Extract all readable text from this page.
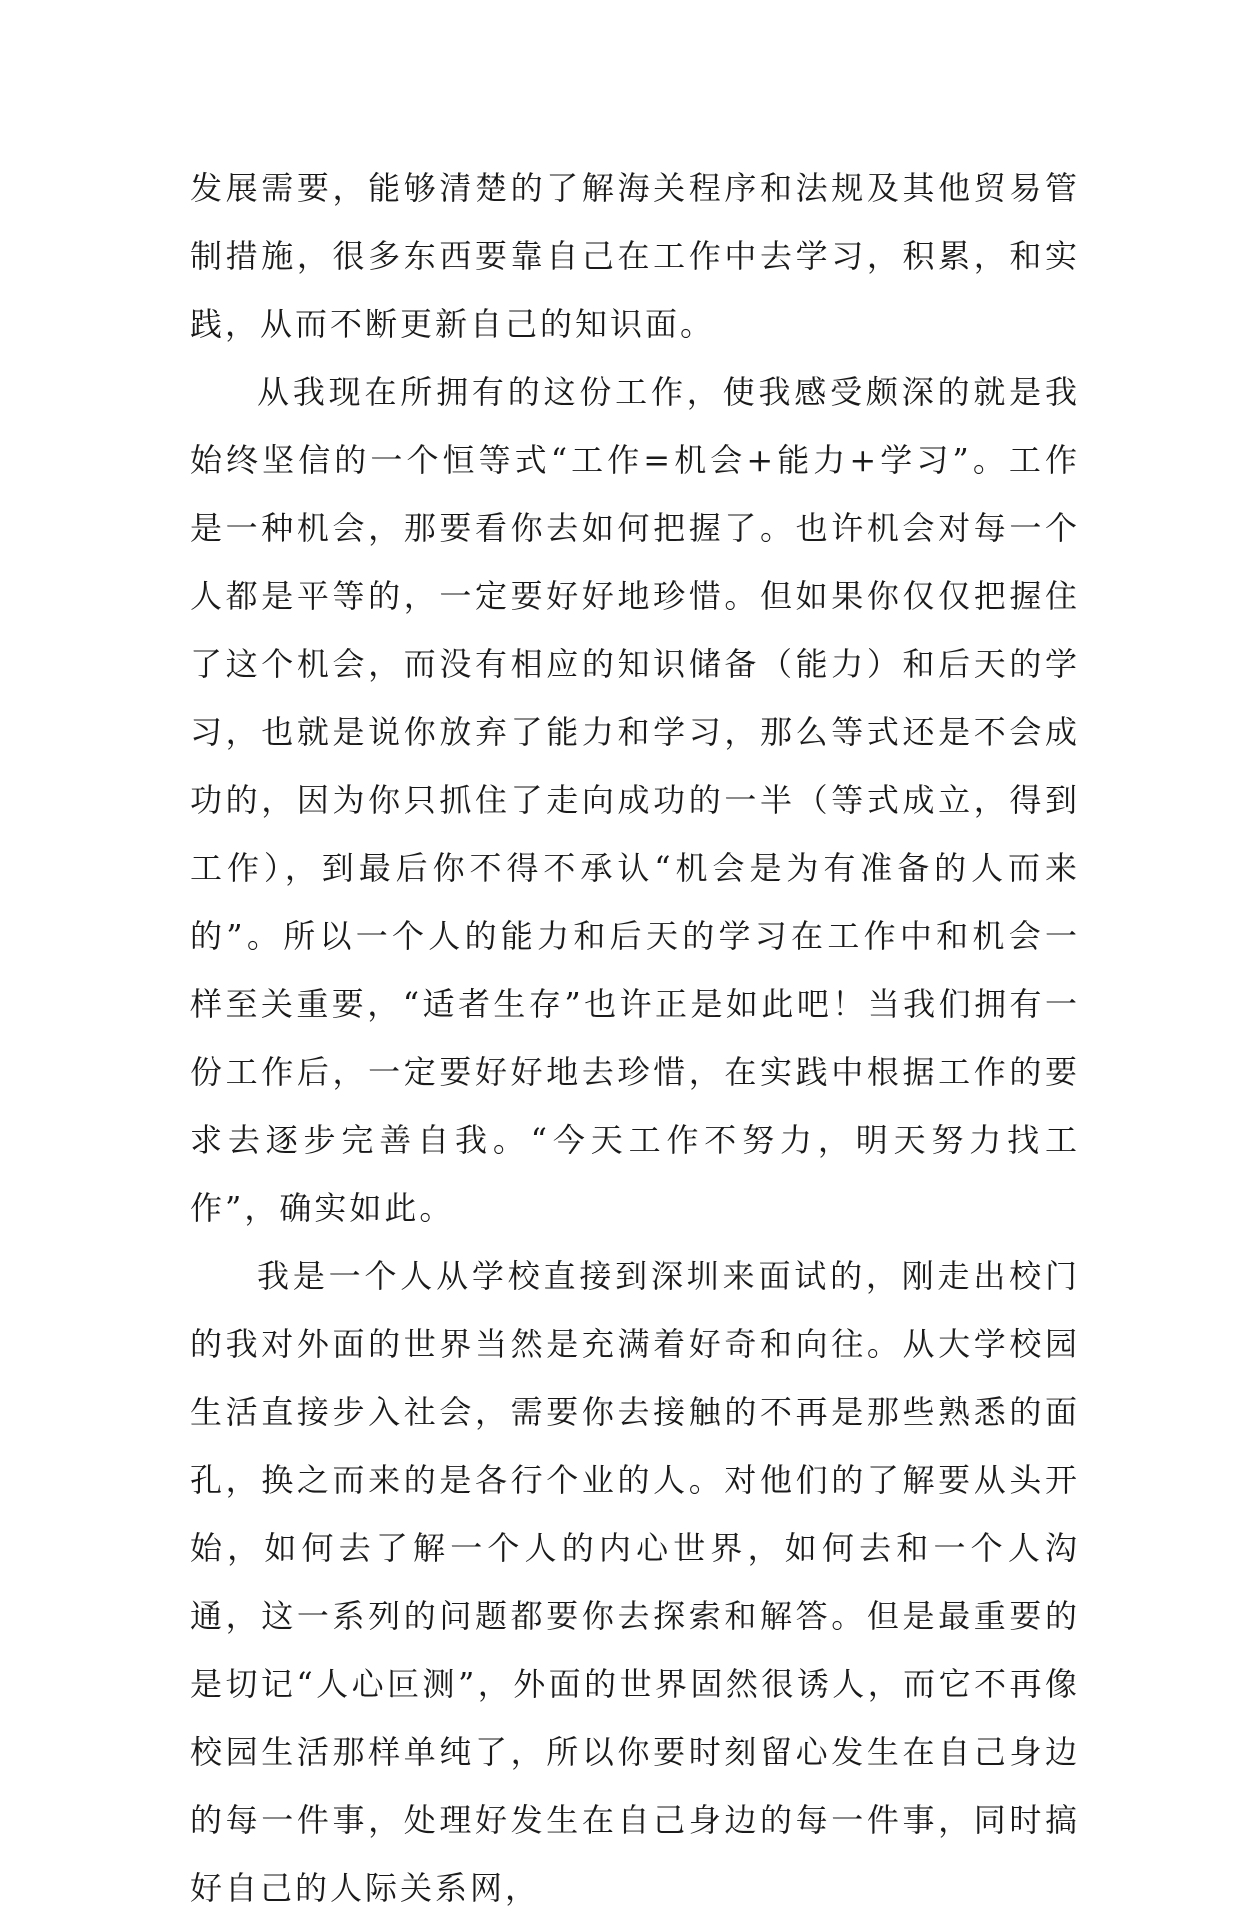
发展需要，能够清楚的了解海关程序和法规及其他贸易管制措施，很多东西要靠自己在工作中去学习，积累，和实践，从而不断更新自己的知识面。

从我现在所拥有的这份工作，使我感受颇深的就是我始终坚信的一个恒等式“工作=机会+能力+学习”。工作是一种机会，那要看你去如何把握了。也许机会对每一个人都是平等的，一定要好好地珍惜。但如果你仅仅把握住了这个机会，而没有相应的知识储备（能力）和后天的学习，也就是说你放弃了能力和学习，那么等式还是不会成功的，因为你只抓住了走向成功的一半（等式成立，得到工作），到最后你不得不承认“机会是为有准备的人而来的”。所以一个人的能力和后天的学习在工作中和机会一样至关重要，“适者生存”也许正是如此吧！当我们拥有一份工作后，一定要好好地去珍惜，在实践中根据工作的要求去逐步完善自我。“今天工作不努力，明天努力找工作”，确实如此。

我是一个人从学校直接到深圳来面试的，刚走出校门的我对外面的世界当然是充满着好奇和向往。从大学校园生活直接步入社会，需要你去接触的不再是那些熟悉的面孔，换之而来的是各行个业的人。对他们的了解要从头开始，如何去了解一个人的内心世界，如何去和一个人沟通，这一系列的问题都要你去探索和解答。但是最重要的是切记“人心叵测”，外面的世界固然很诱人，而它不再像校园生活那样单纯了，所以你要时刻留心发生在自己身边的每一件事，处理好发生在自己身边的每一件事，同时搞好自己的人际关系网，
